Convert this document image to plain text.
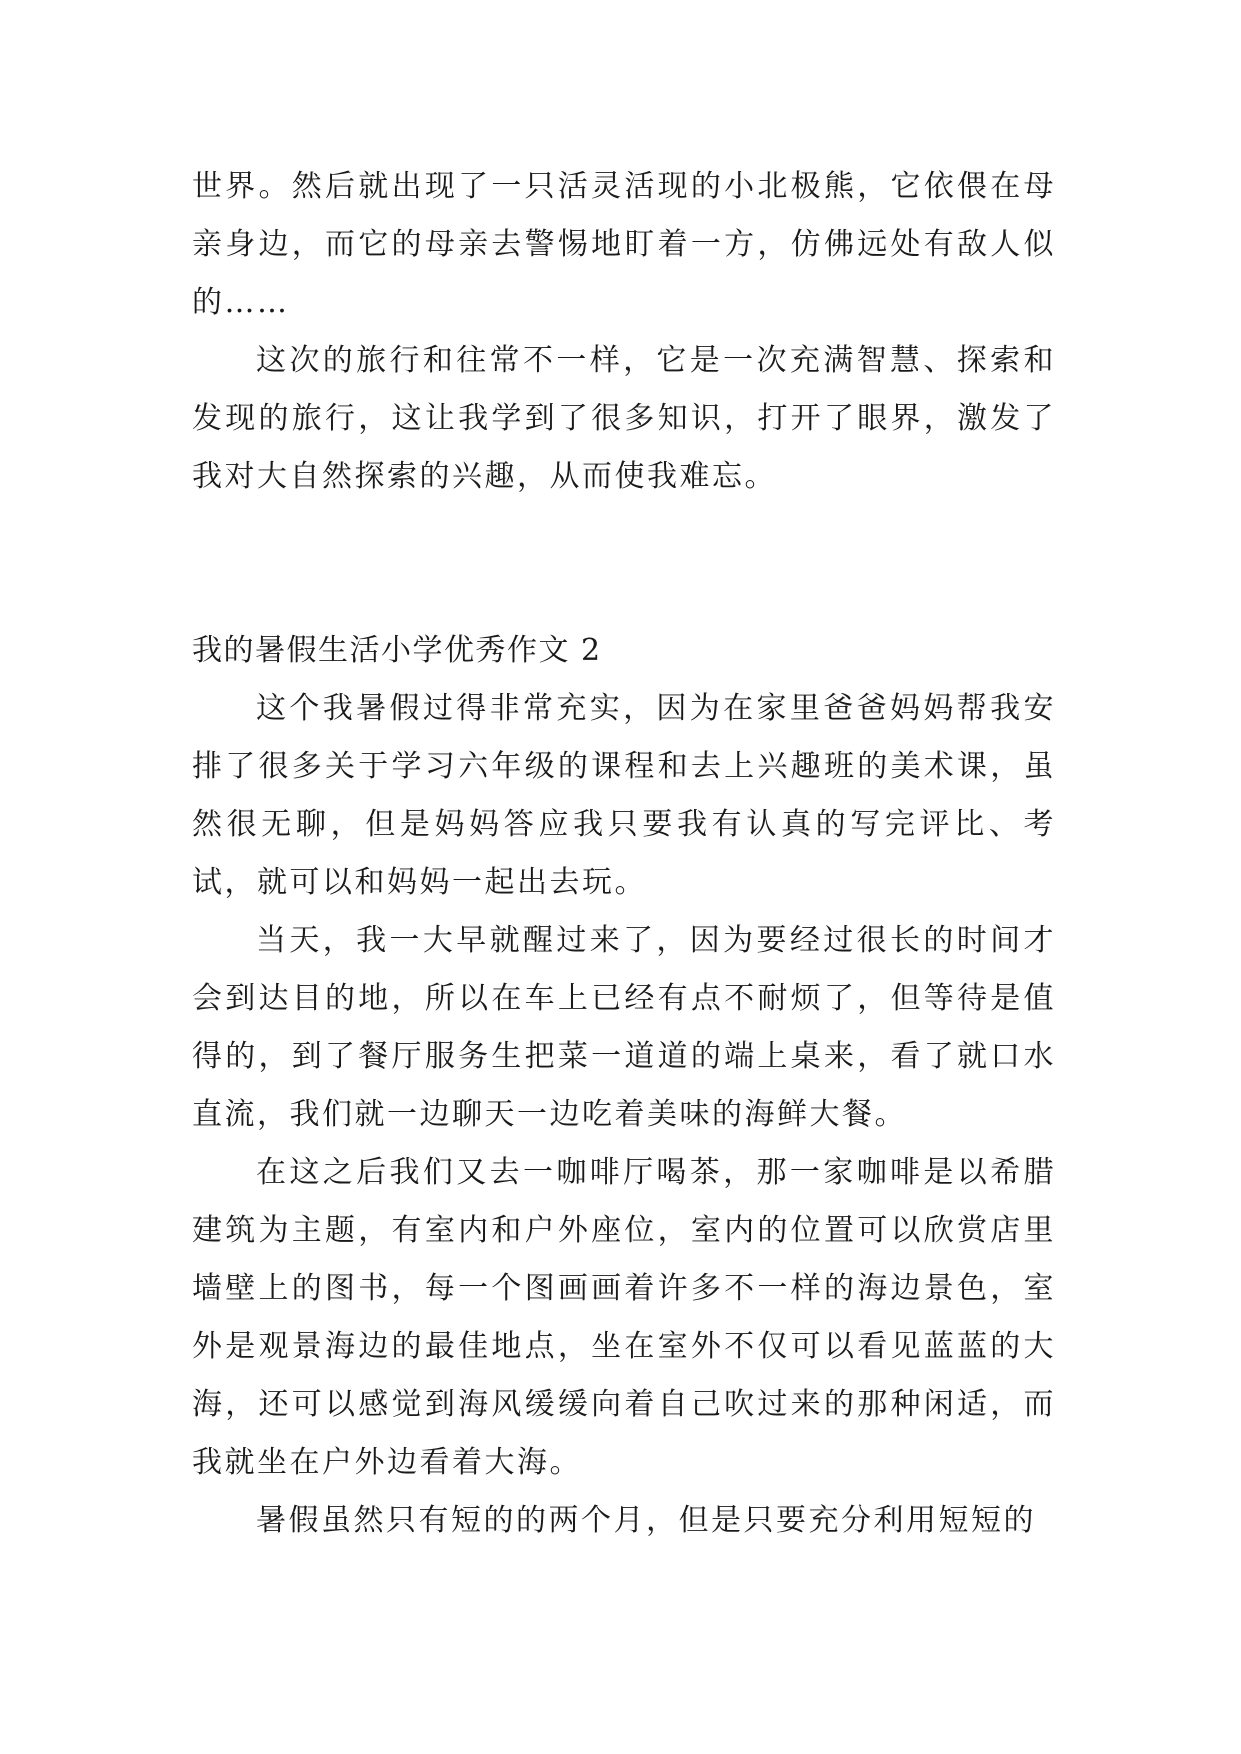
世界。然后就出现了一只活灵活现的小北极熊，它依偎在母亲身边，而它的母亲去警惕地盯着一方，仿佛远处有敌人似的……

这次的旅行和往常不一样，它是一次充满智慧、探索和发现的旅行，这让我学到了很多知识，打开了眼界，激发了我对大自然探索的兴趣，从而使我难忘。

我的暑假生活小学优秀作文 2

这个我暑假过得非常充实，因为在家里爸爸妈妈帮我安排了很多关于学习六年级的课程和去上兴趣班的美术课，虽然很无聊，但是妈妈答应我只要我有认真的写完评比、考试，就可以和妈妈一起出去玩。

当天，我一大早就醒过来了，因为要经过很长的时间才会到达目的地，所以在车上已经有点不耐烦了，但等待是值得的，到了餐厅服务生把菜一道道的端上桌来，看了就口水直流，我们就一边聊天一边吃着美味的海鲜大餐。

在这之后我们又去一咖啡厅喝茶，那一家咖啡是以希腊建筑为主题，有室内和户外座位，室内的位置可以欣赏店里墙壁上的图书，每一个图画画着许多不一样的海边景色，室外是观景海边的最佳地点，坐在室外不仅可以看见蓝蓝的大海，还可以感觉到海风缓缓向着自己吹过来的那种闲适，而我就坐在户外边看着大海。

暑假虽然只有短的的两个月，但是只要充分利用短短的
